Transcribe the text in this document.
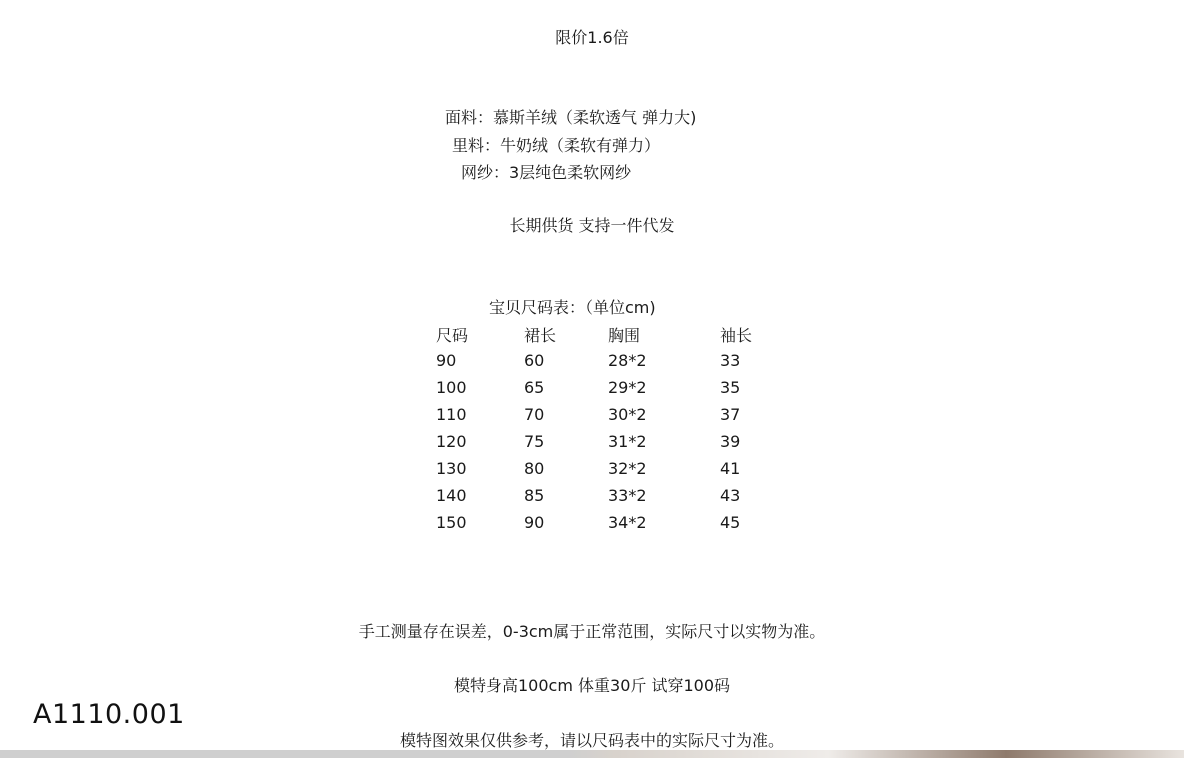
限价1.6倍
面料：慕斯羊绒（柔软透气 弹力大)
里料：牛奶绒（柔软有弹力）
网纱：3层纯色柔软网纱
长期供货 支持一件代发
宝贝尺码表：（单位cm)
尺码	裙长	胸围	袖长
90	60	28*2	33
100	65	29*2	35
110	70	30*2	37
120	75	31*2	39
130	80	32*2	41
140	85	33*2	43
150	90	34*2	45
手工测量存在误差，0-3cm属于正常范围，实际尺寸以实物为准。
模特身高100cm 体重30斤 试穿100码
模特图效果仅供参考，请以尺码表中的实际尺寸为准。
A1110.001
